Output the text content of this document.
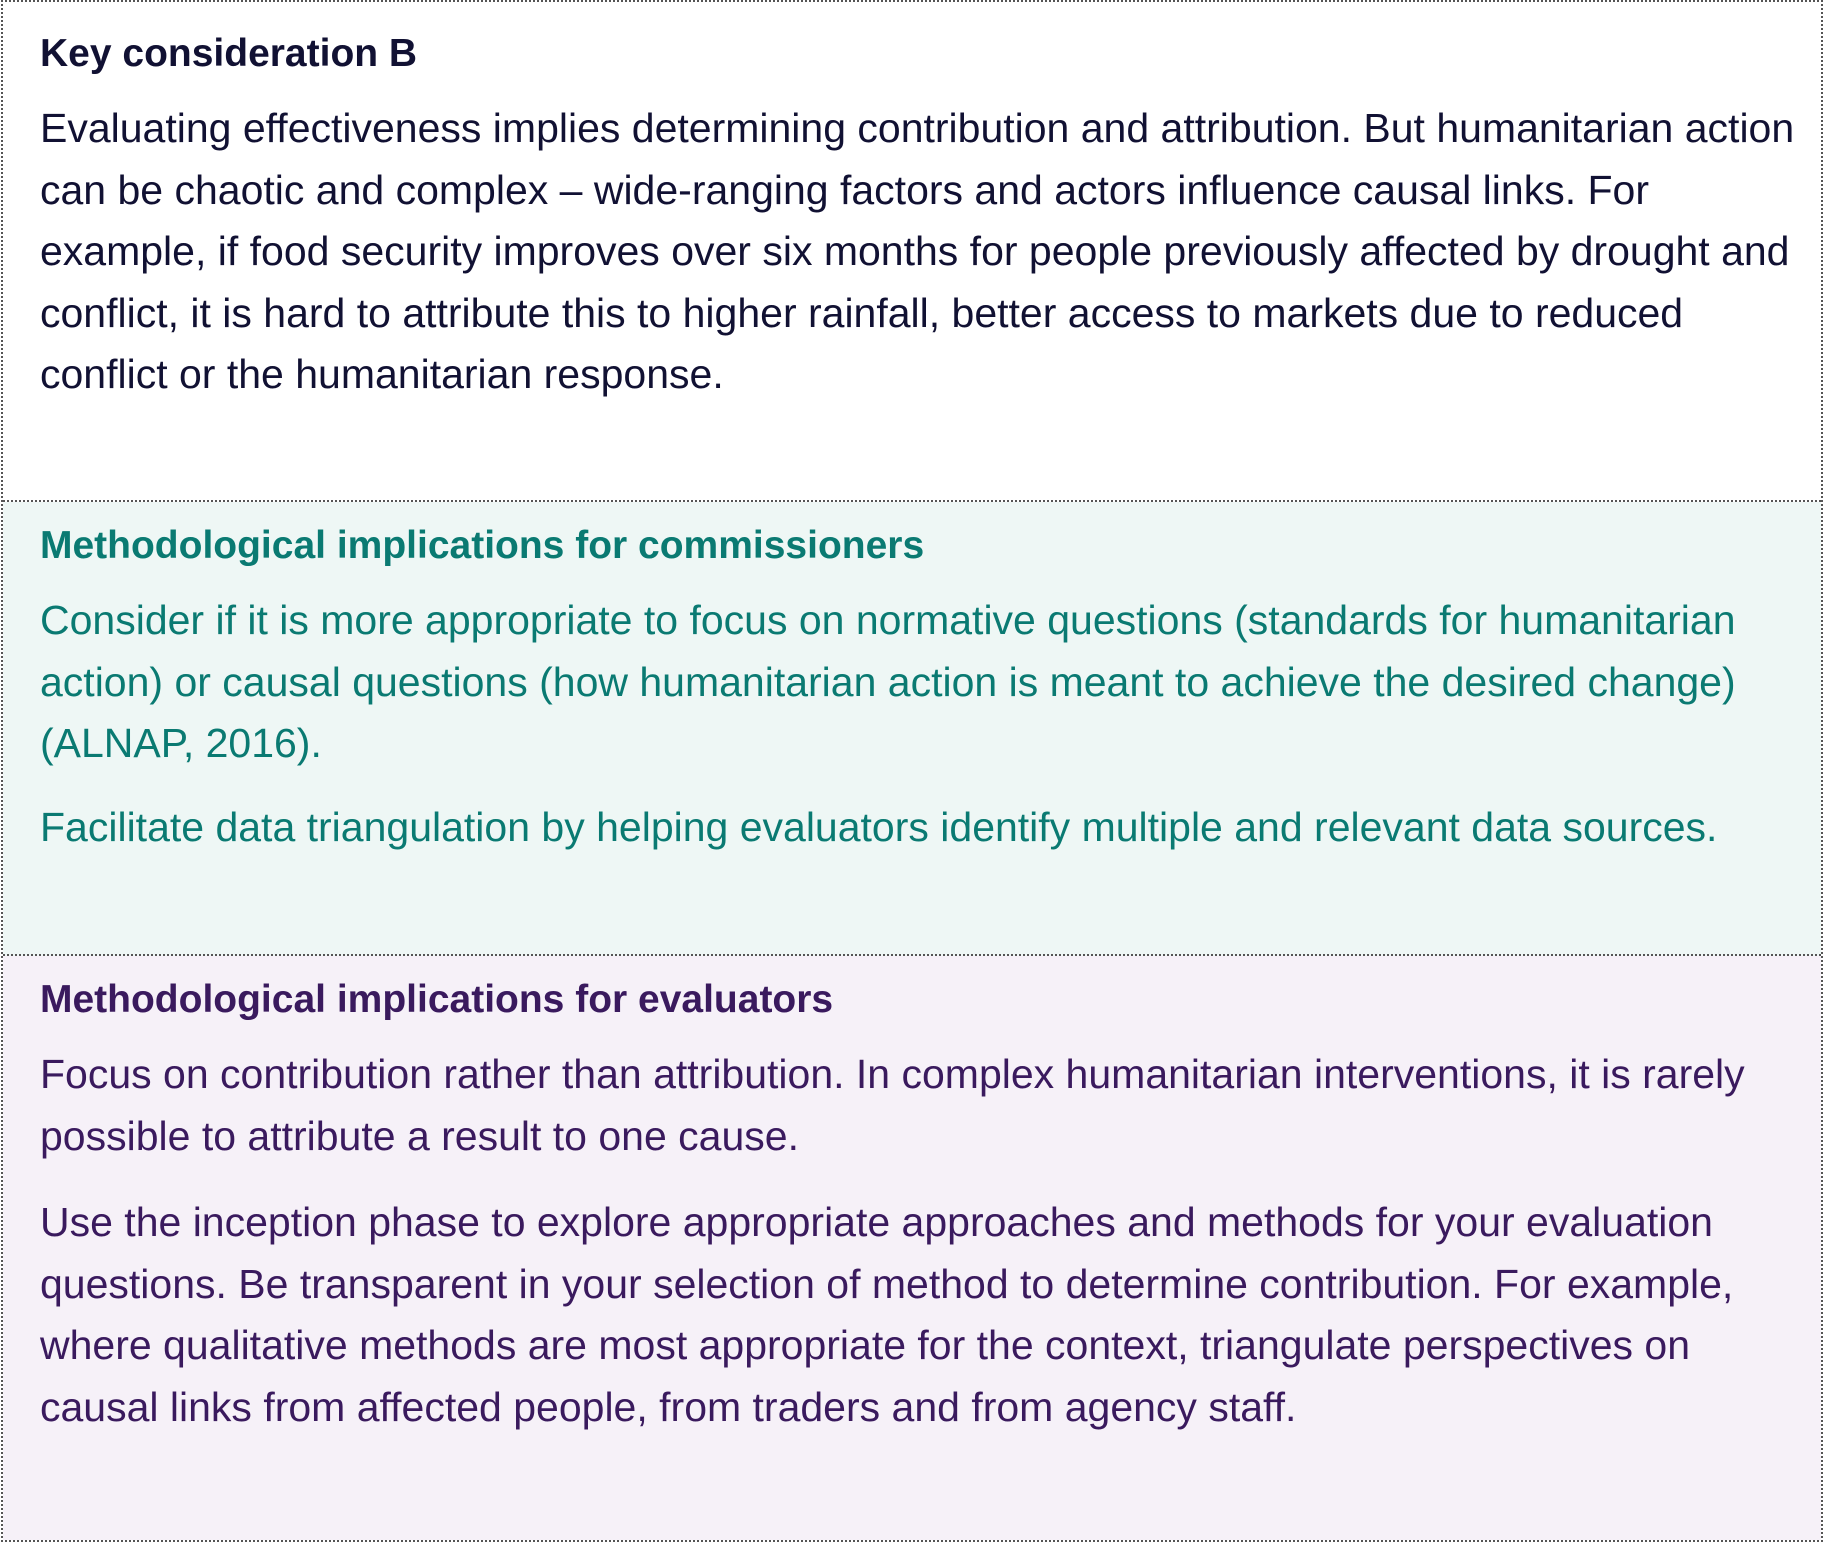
Key consideration B

Evaluating effectiveness implies determining contribution and attribution. But humanitarian action can be chaotic and complex – wide-ranging factors and actors influence causal links. For example, if food security improves over six months for people previously affected by drought and conflict, it is hard to attribute this to higher rainfall, better access to markets due to reduced conflict or the humanitarian response.

Methodological implications for commissioners

Consider if it is more appropriate to focus on normative questions (standards for humanitarian action) or causal questions (how humanitarian action is meant to achieve the desired change) (ALNAP, 2016).

Facilitate data triangulation by helping evaluators identify multiple and relevant data sources.

Methodological implications for evaluators

Focus on contribution rather than attribution. In complex humanitarian interventions, it is rarely possible to attribute a result to one cause.

Use the inception phase to explore appropriate approaches and methods for your evaluation questions. Be transparent in your selection of method to determine contribution. For example, where qualitative methods are most appropriate for the context, triangulate perspectives on causal links from affected people, from traders and from agency staff.
